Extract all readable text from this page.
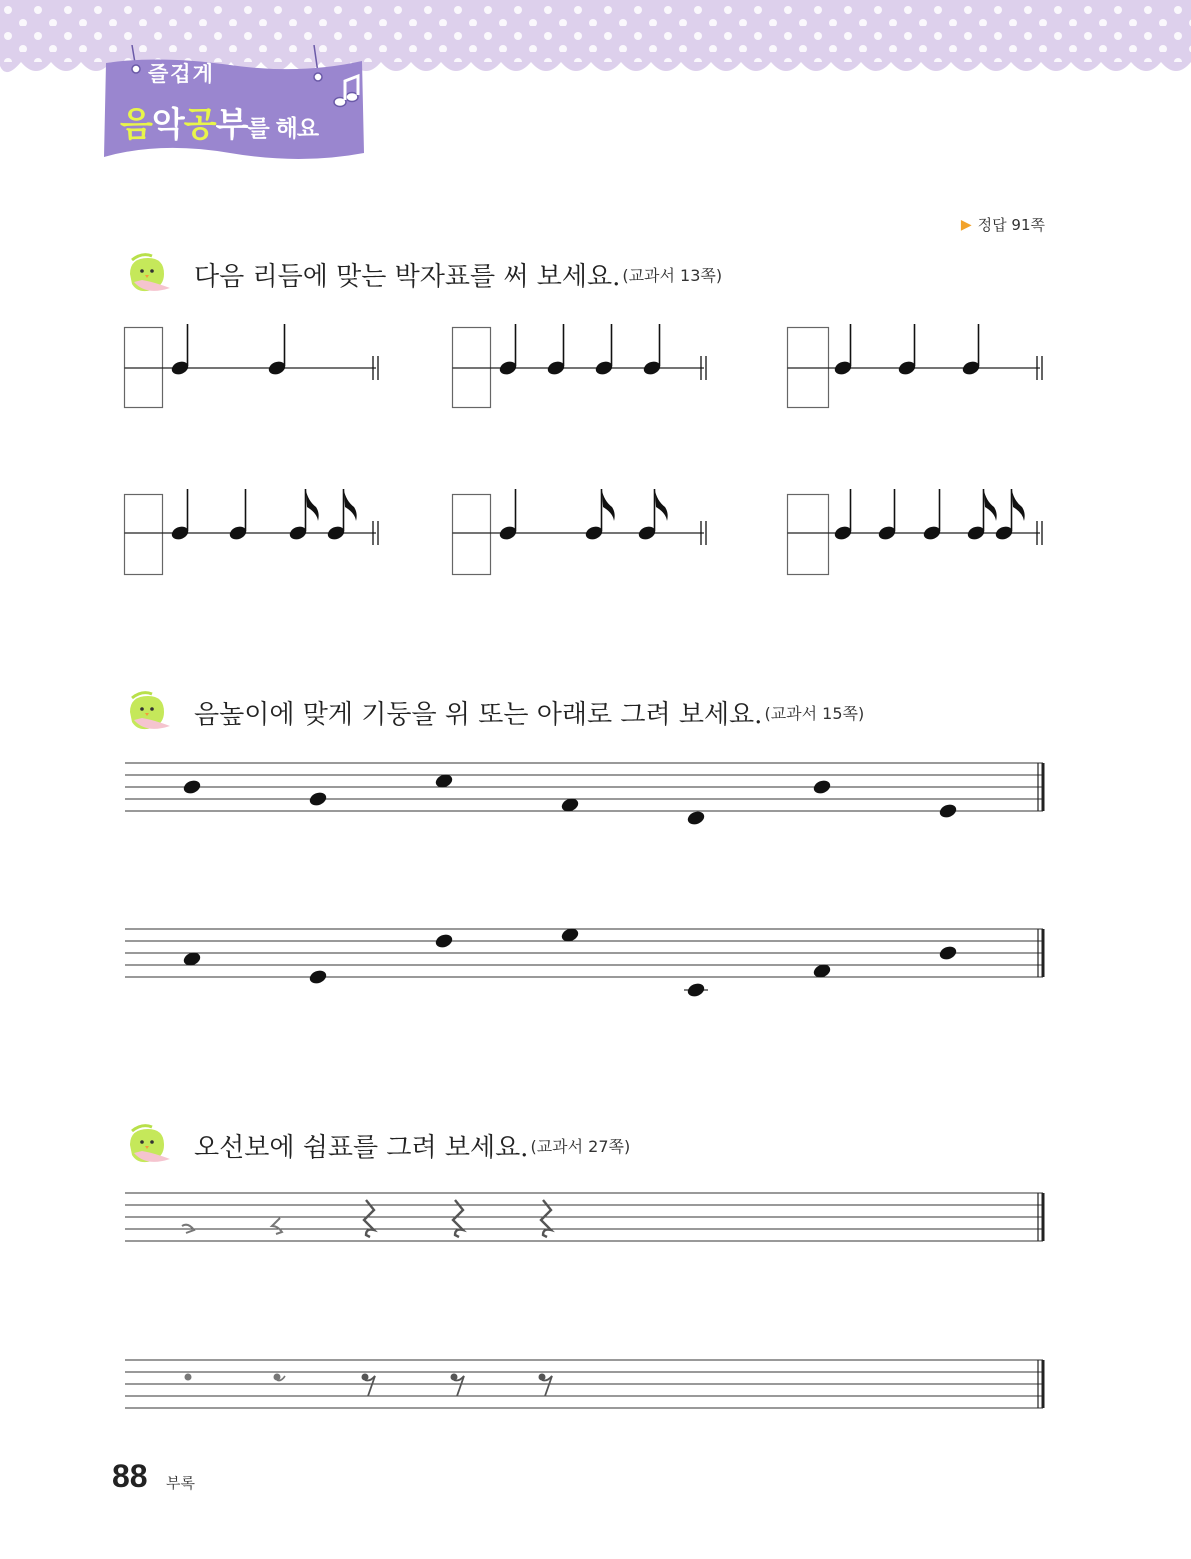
즐겁게
음악공부를 해요
▶ 정답 91쪽
다음 리듬에 맞는 박자표를 써 보세요. (교과서 13쪽)
음높이에 맞게 기둥을 위 또는 아래로 그려 보세요. (교과서 15쪽)
오선보에 쉼표를 그려 보세요. (교과서 27쪽)
88 부록
